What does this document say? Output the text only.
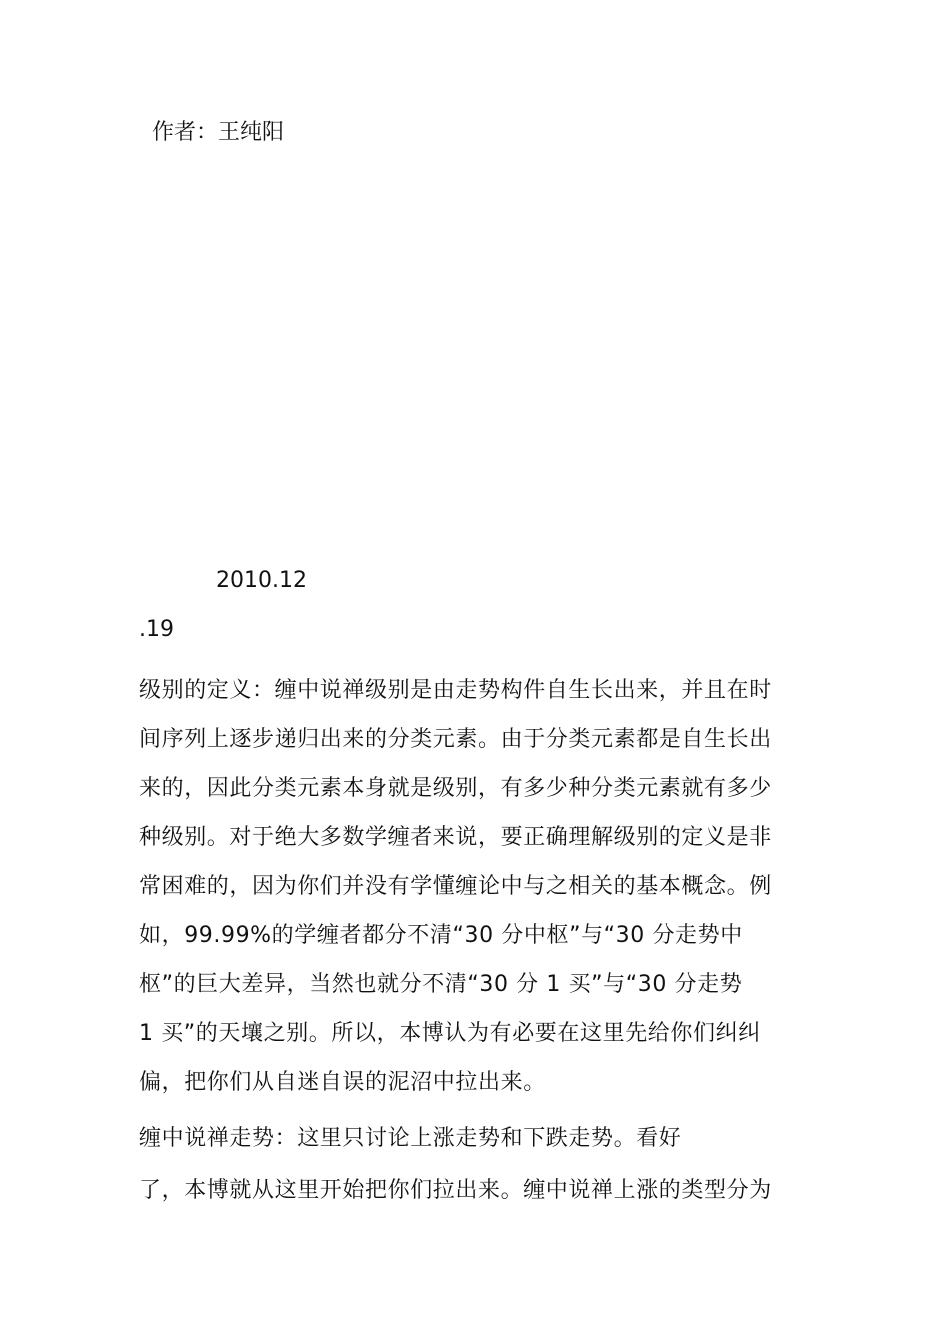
作者：王纯阳
2010.12
.19
级别的定义：缠中说禅级别是由走势构件自生长出来，并且在时
间序列上逐步递归出来的分类元素。由于分类元素都是自生长出
来的，因此分类元素本身就是级别，有多少种分类元素就有多少
种级别。对于绝大多数学缠者来说，要正确理解级别的定义是非
常困难的，因为你们并没有学懂缠论中与之相关的基本概念。例
如，99.99%的学缠者都分不清“30 分中枢”与“30 分走势中
枢”的巨大差异，当然也就分不清“30 分 1 买”与“30 分走势
1 买”的天壤之别。所以，本博认为有必要在这里先给你们纠纠
偏，把你们从自迷自误的泥沼中拉出来。
缠中说禅走势：这里只讨论上涨走势和下跌走势。看好
了，本博就从这里开始把你们拉出来。缠中说禅上涨的类型分为
